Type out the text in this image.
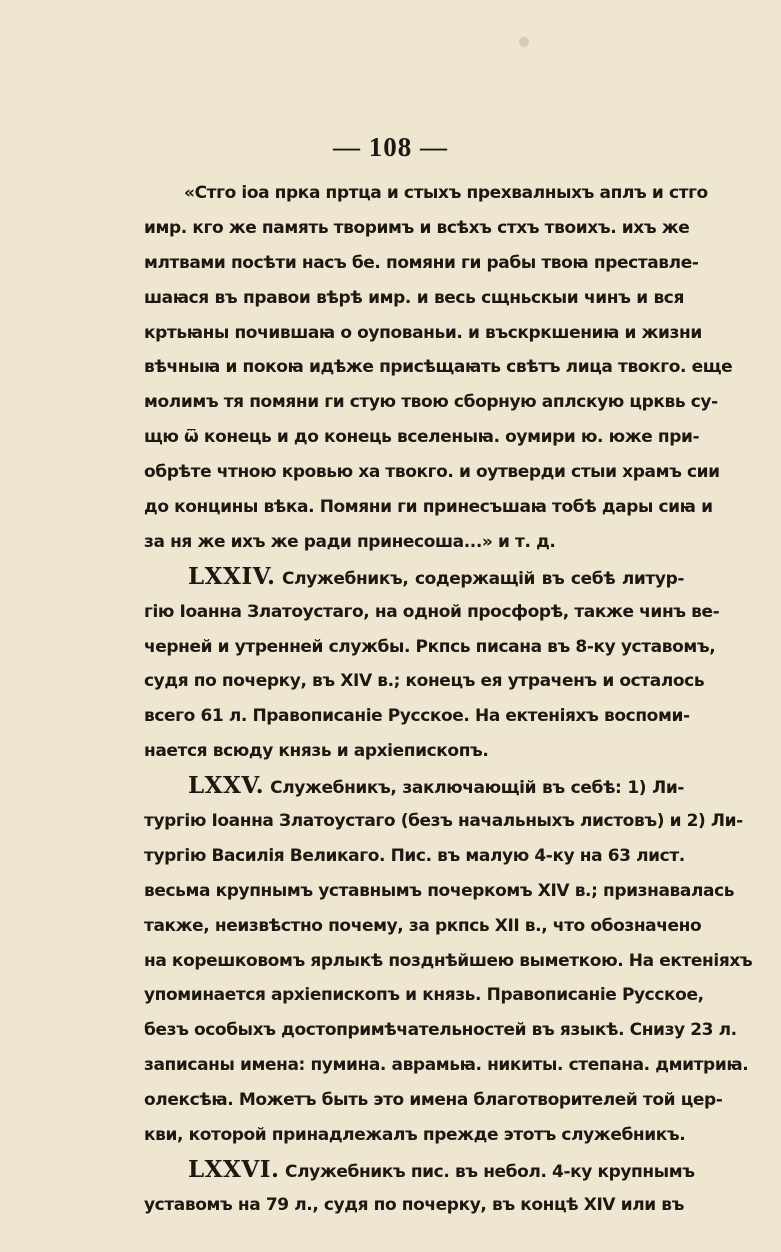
— 108 —
«Стго іоа прка пртца и стыхъ прехвалныхъ аплъ и стго
имр. кго же память творимъ и всѣхъ стхъ твоихъ. ихъ же
млтвами посѣти насъ бе. помяни ги рабы твоꙗ преставле-
шаꙗся въ правои вѣрѣ имр. и весь сщньскыи чинъ и вся
кртьꙗны почившаꙗ о оупованьи. и въскркшениꙗ и жизни
вѣчныꙗ и покоꙗ идѣже присѣщаꙗть свѣтъ лица твокго. еще
молимъ тя помяни ги стую твою сборную аплскую црквь су-
щю ѿ конець и до конець вселеныꙗ. оумири ю. юже при-
обрѣте чтною кровью ха твокго. и оутверди стыи храмъ сии
до концины вѣка. Помяни ги принесъшаꙗ тобѣ дары сиꙗ и
за ня же ихъ же ради принесоша...» и т. д.
LXXIV. Служебникъ, содержащій въ себѣ литур-
гію Іоанна Златоустаго, на одной просфорѣ, также чинъ ве-
черней и утренней службы. Ркпсь писана въ 8-ку уставомъ,
судя по почерку, въ XIV в.; конецъ ея утраченъ и осталось
всего 61 л. Правописаніе Русское. На ектеніяхъ воспоми-
нается всюду князь и архіепископъ.
LXXV. Служебникъ, заключающій въ себѣ: 1) Ли-
тургію Іоанна Златоустаго (безъ начальныхъ листовъ) и 2) Ли-
тургію Василія Великаго. Пис. въ малую 4-ку на 63 лист.
весьма крупнымъ уставнымъ почеркомъ XIV в.; признавалась
также, неизвѣстно почему, за ркпсь XII в., что обозначено
на корешковомъ ярлыкѣ позднѣйшею выметкою. На ектеніяхъ
упоминается архіепископъ и князь. Правописаніе Русское,
безъ особыхъ достопримѣчательностей въ языкѣ. Снизу 23 л.
записаны имена: пумина. аврамьꙗ. никиты. степана. дмитриꙗ.
олексѣꙗ. Можетъ быть это имена благотворителей той цер-
кви, которой принадлежалъ прежде этотъ служебникъ.
LXXVI. Служебникъ пис. въ небол. 4-ку крупнымъ
уставомъ на 79 л., судя по почерку, въ концѣ XIV или въ
